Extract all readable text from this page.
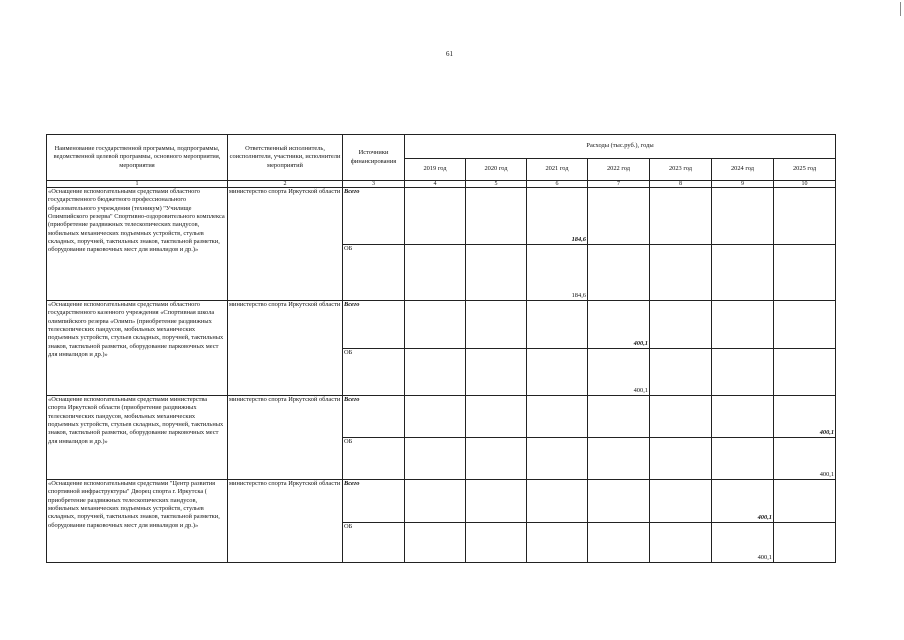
61
Наименование государственной программы, подпрограммы, ведомственной целевой программы, основного мероприятия, мероприятия	Ответственный исполнитель, соисполнители, участники, исполнители мероприятий	Источники финансирования	Расходы (тыс.руб.), годы						
			2019 год	2020 год	2021 год	2022 год	2023 год	2024 год	2025 год
1	2	3	4	5	6	7	8	9	10
«Оснащение вспомогательными средствами областного государственного бюджетного профессионального образовательного учреждения (техникум) "Училище Олимпийского резерва" Спортивно-оздоровительного комплекса (приобретение раздвижных телескопических пандусов, мобильных механических подъемных устройств, стульев складных, поручней, тактильных знаков, тактильной разметки, оборудование парковочных мест для инвалидов и др.)»	министерство спорта Иркутской области	Всего			184,6				
		ОБ			184,6				
«Оснащение вспомогательными средствами областного государственного казенного учреждения «Спортивная школа олимпийского резерва «Олимп» (приобретение раздвижных телескопических пандусов, мобильных механических подъемных устройств, стульев складных, поручней, тактильных знаков, тактильной разметки, оборудование парковочных мест для инвалидов и др.)»	министерство спорта Иркутской области	Всего				400,1			
		ОБ				400,1			
«Оснащение вспомогательными средствами министерства спорта Иркутской области (приобретение раздвижных телескопических пандусов, мобильных механических подъемных устройств, стульев складных, поручней, тактильных знаков, тактильной разметки, оборудование парковочных мест для инвалидов и др.)»	министерство спорта Иркутской области	Всего							400,1
		ОБ							400,1
«Оснащение вспомогательными средствами "Центр развития спортивной инфраструктуры" Дворец спорта г. Иркутска ( приобретение раздвижных телескопических пандусов, мобильных механических подъемных устройств, стульев складных, поручней, тактильных знаков, тактильной разметки, оборудование парковочных мест для инвалидов и др.)»	министерство спорта Иркутской области	Всего						400,1	
		ОБ						400,1	
